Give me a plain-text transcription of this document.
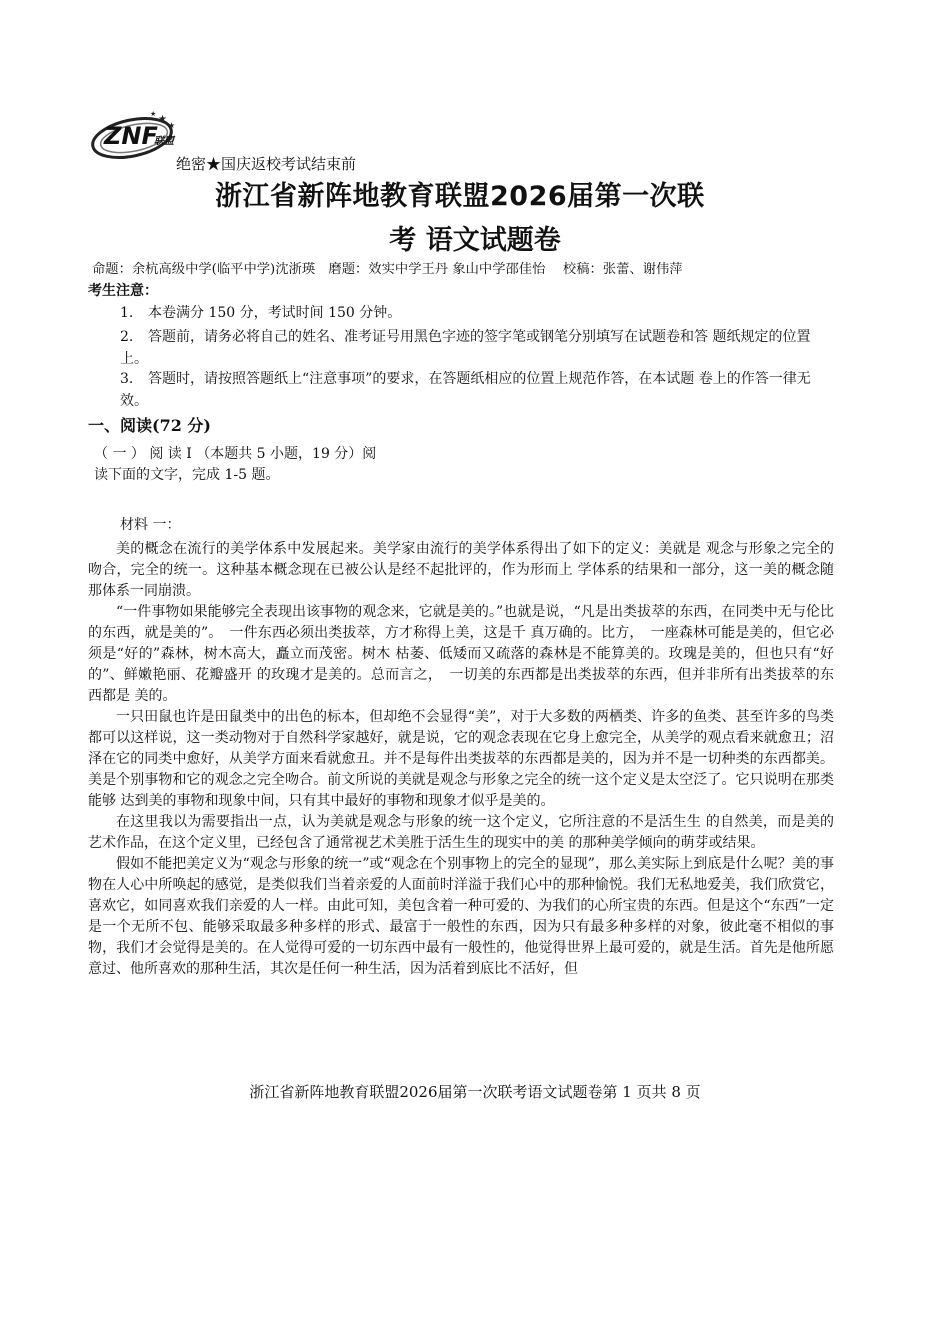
★
★
★
ZNF
联盟
绝密★国庆返校考试结束前
浙江省新阵地教育联盟2026届第一次联
考 语文试题卷
命题：余杭高级中学(临平中学)沈浙瑛　磨题：效实中学王丹 象山中学邵佳怡　 校稿：张蕾、谢伟萍
考生注意：
1. 本卷满分 150 分，考试时间 150 分钟。
2. 答题前，请务必将自己的姓名、准考证号用黑色字迹的签字笔或钢笔分别填写在试题卷和答 题纸规定的位置上。
3. 答题时，请按照答题纸上“注意事项”的要求，在答题纸相应的位置上规范作答，在本试题 卷上的作答一律无效。
一、阅读(72 分)
（ 一 ） 阅 读 I （本题共 5 小题，19 分）阅读下面的文字，完成 1-5 题。
材料 一：

美的概念在流行的美学体系中发展起来。美学家由流行的美学体系得出了如下的定义：美就是 观念与形象之完全的吻合，完全的统一。这种基本概念现在已被公认是经不起批评的，作为形而上 学体系的结果和一部分，这一美的概念随那体系一同崩溃。

“一件事物如果能够完全表现出该事物的观念来，它就是美的。”也就是说，“凡是出类拔萃的东西，在同类中无与伦比的东西，就是美的”。　一件东西必须出类拔萃，方才称得上美，这是千 真万确的。比方，　一座森林可能是美的，但它必须是“好的”森林，树木高大，矗立而茂密。树木 枯萎、低矮而又疏落的森林是不能算美的。玫瑰是美的，但也只有“好的”、鲜嫩艳丽、花瓣盛开 的玫瑰才是美的。总而言之，　一切美的东西都是出类拔萃的东西，但并非所有出类拔萃的东西都是 美的。

一只田鼠也许是田鼠类中的出色的标本，但却绝不会显得“美”，对于大多数的两栖类、许多的鱼类、甚至许多的鸟类都可以这样说，这一类动物对于自然科学家越好，就是说，它的观念表现在它身上愈完全，从美学的观点看来就愈丑；沼泽在它的同类中愈好，从美学方面来看就愈丑。并不是每件出类拔萃的东西都是美的，因为并不是一切种类的东西都美。美是个别事物和它的观念之完全吻合。前文所说的美就是观念与形象之完全的统一这个定义是太空泛了。它只说明在那类能够 达到美的事物和现象中间，只有其中最好的事物和现象才似乎是美的。

在这里我以为需要指出一点，认为美就是观念与形象的统一这个定义，它所注意的不是活生生 的自然美，而是美的艺术作品，在这个定义里，已经包含了通常视艺术美胜于活生生的现实中的美 的那种美学倾向的萌芽或结果。

假如不能把美定义为“观念与形象的统一”或“观念在个别事物上的完全的显现”，那么美实际上到底是什么呢？美的事物在人心中所唤起的感觉，是类似我们当着亲爱的人面前时洋溢于我们心中的那种愉悦。我们无私地爱美，我们欣赏它，喜欢它，如同喜欢我们亲爱的人一样。由此可知，美包含着一种可爱的、为我们的心所宝贵的东西。但是这个“东西”一定是一个无所不包、能够采取最多种多样的形式、最富于一般性的东西，因为只有最多种多样的对象，彼此毫不相似的事物，我们才会觉得是美的。在人觉得可爱的一切东西中最有一般性的，他觉得世界上最可爱的，就是生活。首先是他所愿意过、他所喜欢的那种生活，其次是任何一种生活，因为活着到底比不活好，但

浙江省新阵地教育联盟2026届第一次联考语文试题卷第 1 页共 8 页
